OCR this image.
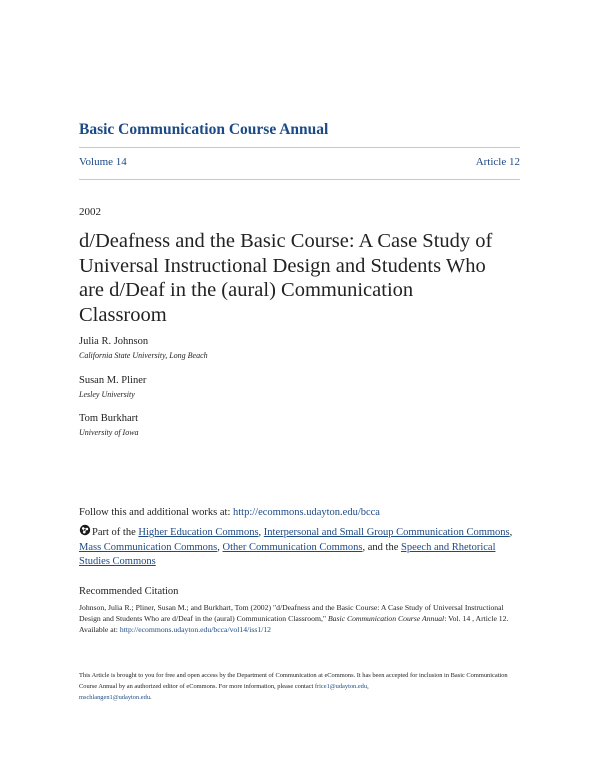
Basic Communication Course Annual
Volume 14	Article 12
2002
d/Deafness and the Basic Course: A Case Study of
Universal Instructional Design and Students Who
are d/Deaf in the (aural) Communication
Classroom
Julia R. Johnson
California State University, Long Beach
Susan M. Pliner
Lesley University
Tom Burkhart
University of Iowa
Follow this and additional works at: http://ecommons.udayton.edu/bcca
Part of the Higher Education Commons, Interpersonal and Small Group Communication Commons, Mass Communication Commons, Other Communication Commons, and the Speech and Rhetorical Studies Commons
Recommended Citation
Johnson, Julia R.; Pliner, Susan M.; and Burkhart, Tom (2002) "d/Deafness and the Basic Course: A Case Study of Universal Instructional Design and Students Who are d/Deaf in the (aural) Communication Classroom," Basic Communication Course Annual: Vol. 14 , Article 12.
Available at: http://ecommons.udayton.edu/bcca/vol14/iss1/12
This Article is brought to you for free and open access by the Department of Communication at eCommons. It has been accepted for inclusion in Basic Communication Course Annual by an authorized editor of eCommons. For more information, please contact frice1@udayton.edu,
mschlangen1@udayton.edu.
